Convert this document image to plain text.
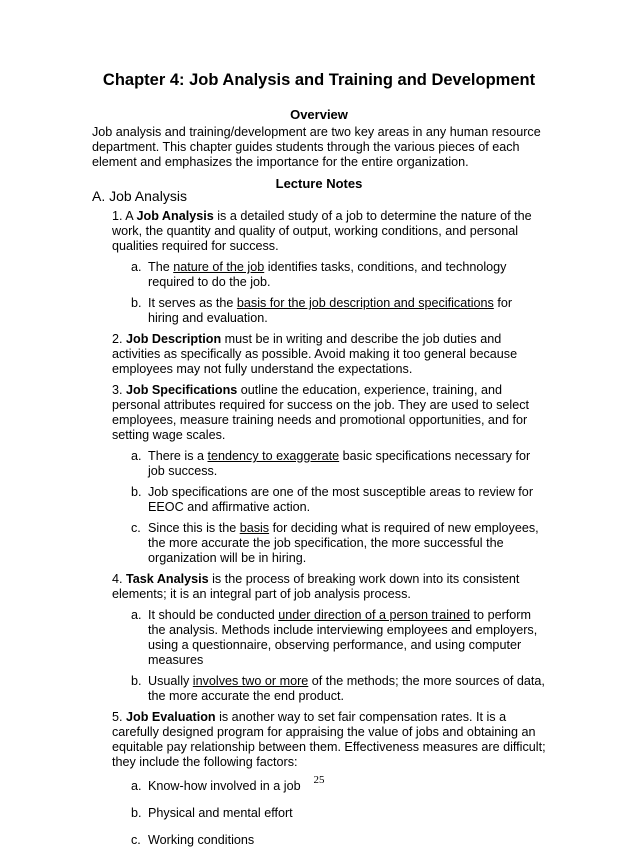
Chapter 4: Job Analysis and Training and Development
Overview
Job analysis and training/development are two key areas in any human resource department. This chapter guides students through the various pieces of each element and emphasizes the importance for the entire organization.
Lecture Notes
A. Job Analysis
1. A Job Analysis is a detailed study of a job to determine the nature of the work, the quantity and quality of output, working conditions, and personal qualities required for success.
a. The nature of the job identifies tasks, conditions, and technology required to do the job.
b. It serves as the basis for the job description and specifications for hiring and evaluation.
2. Job Description must be in writing and describe the job duties and activities as specifically as possible. Avoid making it too general because employees may not fully understand the expectations.
3. Job Specifications outline the education, experience, training, and personal attributes required for success on the job. They are used to select employees, measure training needs and promotional opportunities, and for setting wage scales.
a. There is a tendency to exaggerate basic specifications necessary for job success.
b. Job specifications are one of the most susceptible areas to review for EEOC and affirmative action.
c. Since this is the basis for deciding what is required of new employees, the more accurate the job specification, the more successful the organization will be in hiring.
4. Task Analysis is the process of breaking work down into its consistent elements; it is an integral part of job analysis process.
a. It should be conducted under direction of a person trained to perform the analysis. Methods include interviewing employees and employers, using a questionnaire, observing performance, and using computer measures
b. Usually involves two or more of the methods; the more sources of data, the more accurate the end product.
5. Job Evaluation is another way to set fair compensation rates. It is a carefully designed program for appraising the value of jobs and obtaining an equitable pay relationship between them. Effectiveness measures are difficult; they include the following factors:
a. Know-how involved in a job
b. Physical and mental effort
c. Working conditions
25
